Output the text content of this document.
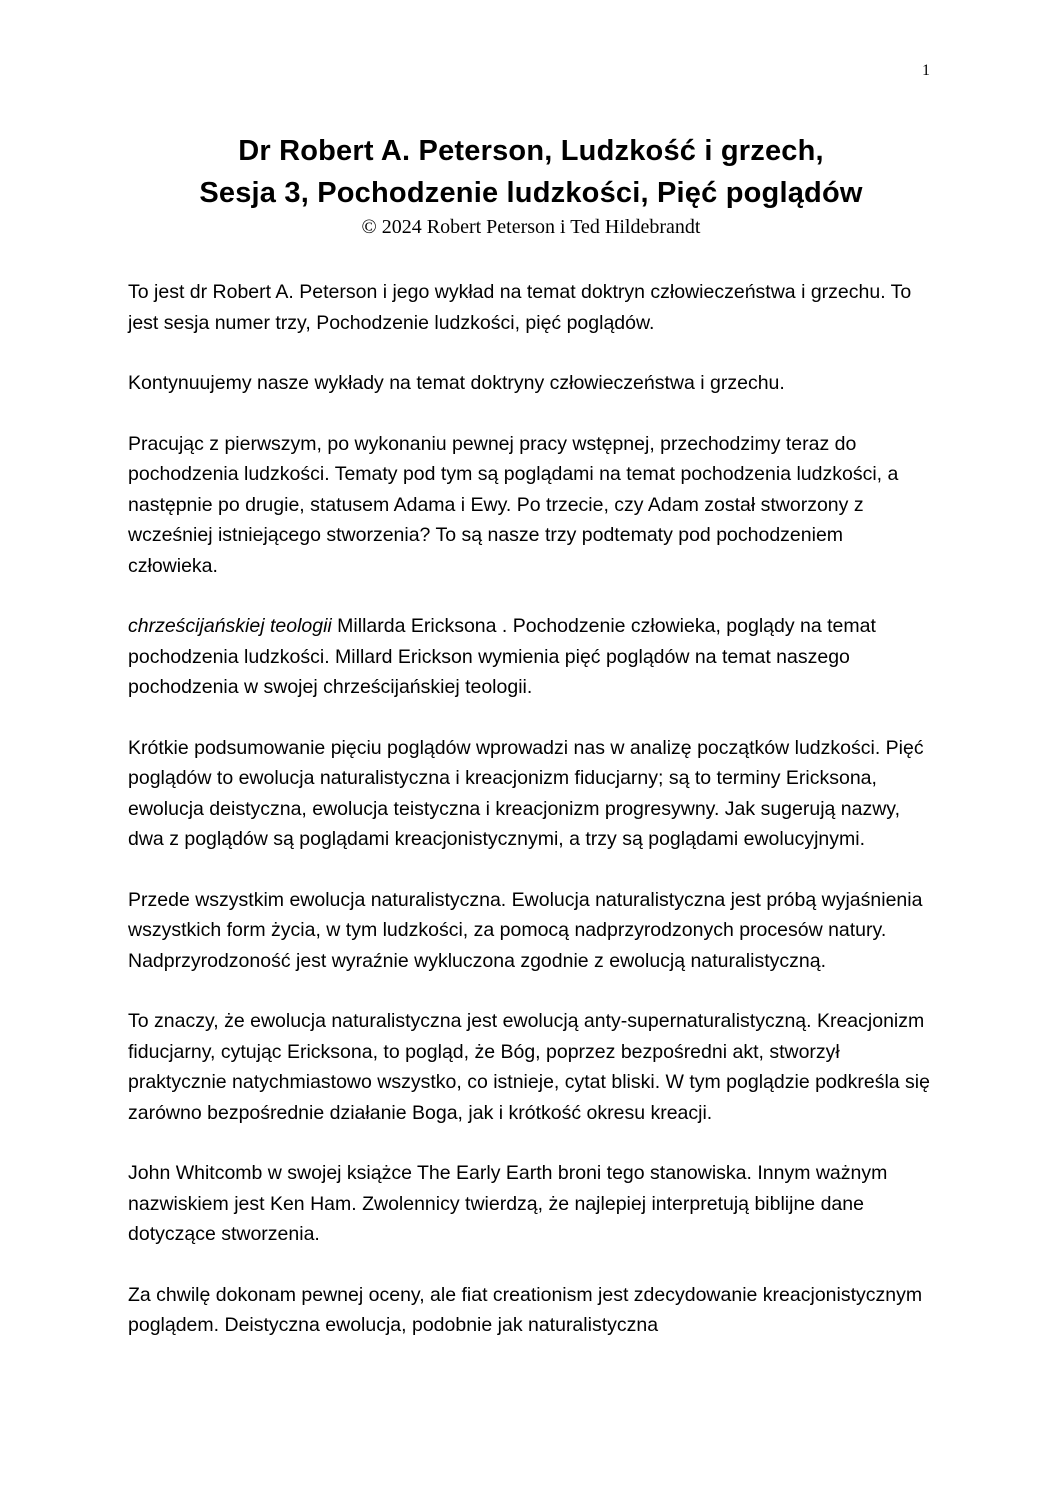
1
Dr Robert A. Peterson, Ludzkość i grzech,
Sesja 3, Pochodzenie ludzkości, Pięć poglądów
© 2024 Robert Peterson i Ted Hildebrandt

To jest dr Robert A. Peterson i jego wykład na temat doktryn człowieczeństwa i grzechu. To jest sesja numer trzy, Pochodzenie ludzkości, pięć poglądów.

Kontynuujemy nasze wykłady na temat doktryny człowieczeństwa i grzechu.

Pracując z pierwszym, po wykonaniu pewnej pracy wstępnej, przechodzimy teraz do pochodzenia ludzkości. Tematy pod tym są poglądami na temat pochodzenia ludzkości, a następnie po drugie, statusem Adama i Ewy. Po trzecie, czy Adam został stworzony z wcześniej istniejącego stworzenia? To są nasze trzy podtematy pod pochodzeniem człowieka.

chrześcijańskiej teologii Millarda Ericksona . Pochodzenie człowieka, poglądy na temat pochodzenia ludzkości. Millard Erickson wymienia pięć poglądów na temat naszego pochodzenia w swojej chrześcijańskiej teologii.

Krótkie podsumowanie pięciu poglądów wprowadzi nas w analizę początków ludzkości. Pięć poglądów to ewolucja naturalistyczna i kreacjonizm fiducjarny; są to terminy Ericksona, ewolucja deistyczna, ewolucja teistyczna i kreacjonizm progresywny. Jak sugerują nazwy, dwa z poglądów są poglądami kreacjonistycznymi, a trzy są poglądami ewolucyjnymi.

Przede wszystkim ewolucja naturalistyczna. Ewolucja naturalistyczna jest próbą wyjaśnienia wszystkich form życia, w tym ludzkości, za pomocą nadprzyrodzonych procesów natury. Nadprzyrodzoność jest wyraźnie wykluczona zgodnie z ewolucją naturalistyczną.

To znaczy, że ewolucja naturalistyczna jest ewolucją anty-supernaturalistyczną. Kreacjonizm fiducjarny, cytując Ericksona, to pogląd, że Bóg, poprzez bezpośredni akt, stworzył praktycznie natychmiastowo wszystko, co istnieje, cytat bliski. W tym poglądzie podkreśla się zarówno bezpośrednie działanie Boga, jak i krótkość okresu kreacji.

John Whitcomb w swojej książce The Early Earth broni tego stanowiska. Innym ważnym nazwiskiem jest Ken Ham. Zwolennicy twierdzą, że najlepiej interpretują biblijne dane dotyczące stworzenia.

Za chwilę dokonam pewnej oceny, ale fiat creationism jest zdecydowanie kreacjonistycznym poglądem. Deistyczna ewolucja, podobnie jak naturalistyczna
